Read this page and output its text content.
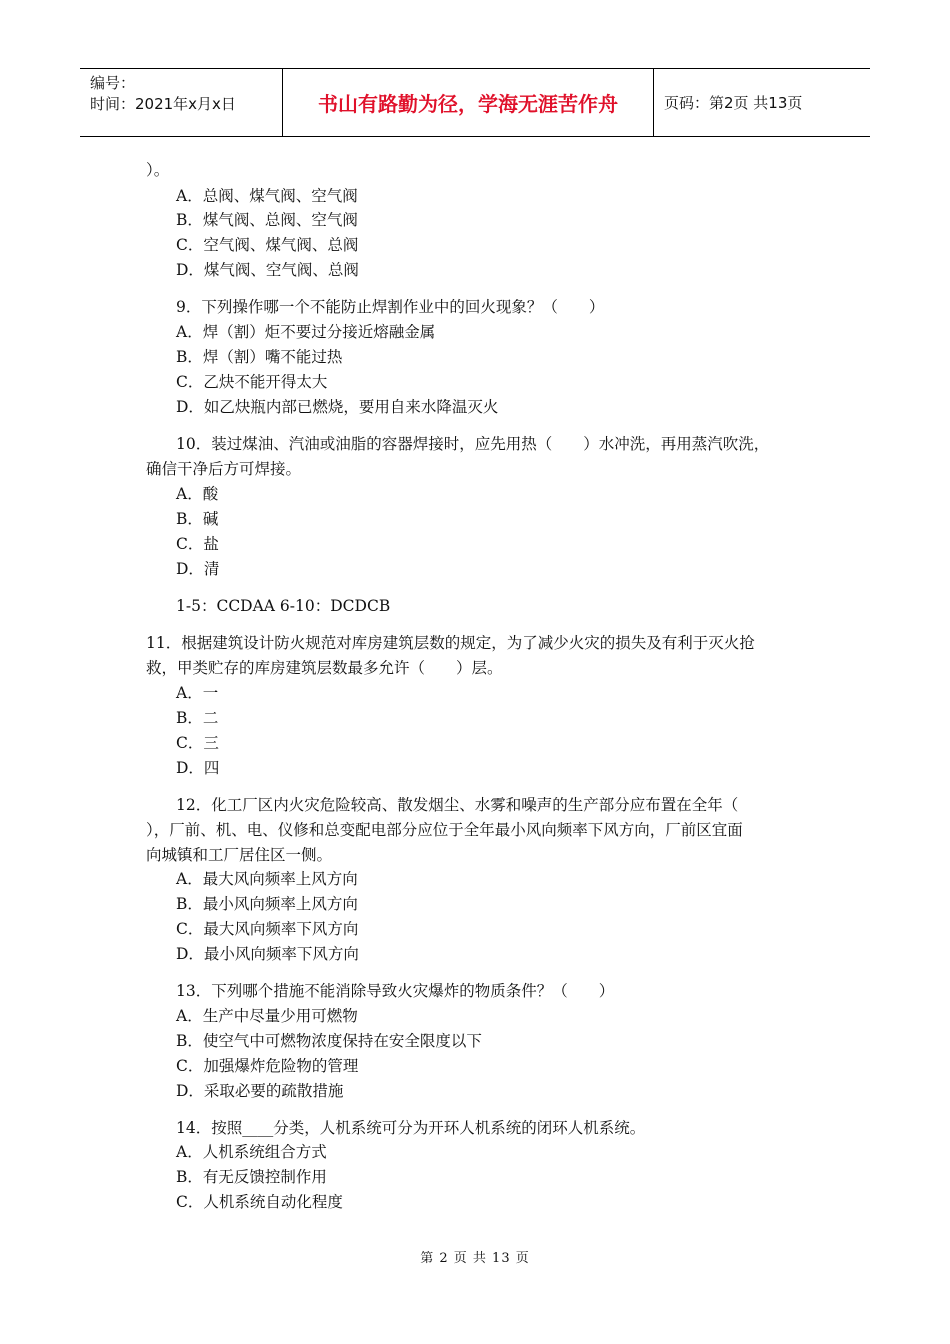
编号：
时间：2021年x月x日	书山有路勤为径，学海无涯苦作舟	页码：第2页 共13页
）。
A．总阀、煤气阀、空气阀
B．煤气阀、总阀、空气阀
C．空气阀、煤气阀、总阀
D．煤气阀、空气阀、总阀
9．下列操作哪一个不能防止焊割作业中的回火现象？（　　）
A．焊（割）炬不要过分接近熔融金属
B．焊（割）嘴不能过热
C．乙炔不能开得太大
D．如乙炔瓶内部已燃烧，要用自来水降温灭火
10．装过煤油、汽油或油脂的容器焊接时，应先用热（　　）水冲洗，再用蒸汽吹洗，
确信干净后方可焊接。
A．酸
B．碱
C．盐
D．清
1-5：CCDAA 6-10：DCDCB
11．根据建筑设计防火规范对库房建筑层数的规定，为了减少火灾的损失及有利于灭火抢
救，甲类贮存的库房建筑层数最多允许（　　）层。
A．一
B．二
C．三
D．四
12．化工厂区内火灾危险较高、散发烟尘、水雾和噪声的生产部分应布置在全年（
），厂前、机、电、仪修和总变配电部分应位于全年最小风向频率下风方向，厂前区宜面
向城镇和工厂居住区一侧。
A．最大风向频率上风方向
B．最小风向频率上风方向
C．最大风向频率下风方向
D．最小风向频率下风方向
13．下列哪个措施不能消除导致火灾爆炸的物质条件？（　　）
A．生产中尽量少用可燃物
B．使空气中可燃物浓度保持在安全限度以下
C．加强爆炸危险物的管理
D．采取必要的疏散措施
14．按照____分类，人机系统可分为开环人机系统的闭环人机系统。
A．人机系统组合方式
B．有无反馈控制作用
C．人机系统自动化程度
第 2 页 共 13 页
